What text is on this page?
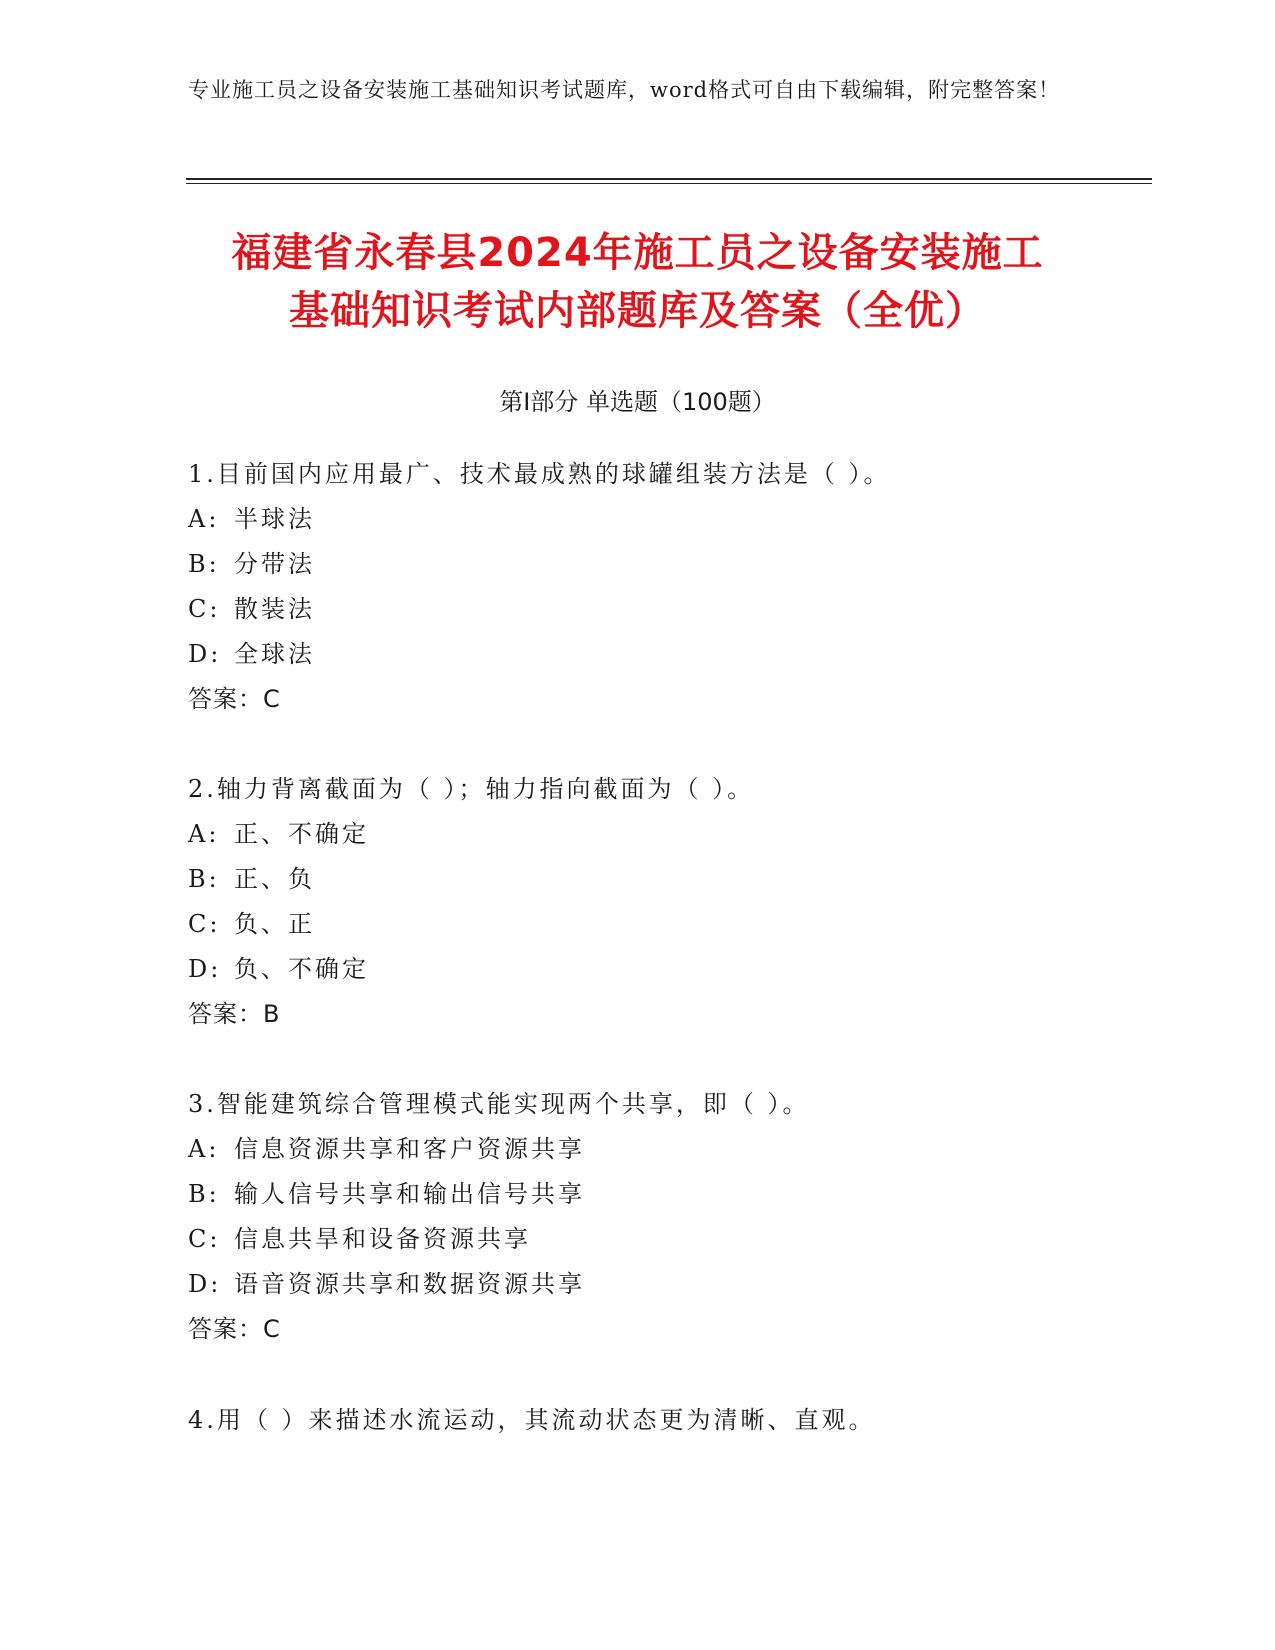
专业施工员之设备安装施工基础知识考试题库，word格式可自由下载编辑，附完整答案！
福建省永春县2024年施工员之设备安装施工
基础知识考试内部题库及答案（全优）
第Ⅰ部分 单选题（100题）
1.目前国内应用最广、技术最成熟的球罐组装方法是（ ）。
A: 半球法
B: 分带法
C: 散装法
D: 全球法
答案：C
2.轴力背离截面为（ ）；轴力指向截面为（ ）。
A: 正、不确定
B: 正、负
C: 负、正
D: 负、不确定
答案：B
3.智能建筑综合管理模式能实现两个共享，即（ ）。
A: 信息资源共享和客户资源共享
B: 输人信号共享和输出信号共享
C: 信息共旱和设备资源共享
D: 语音资源共享和数据资源共享
答案：C
4.用（ ）来描述水流运动，其流动状态更为清晰、直观。
